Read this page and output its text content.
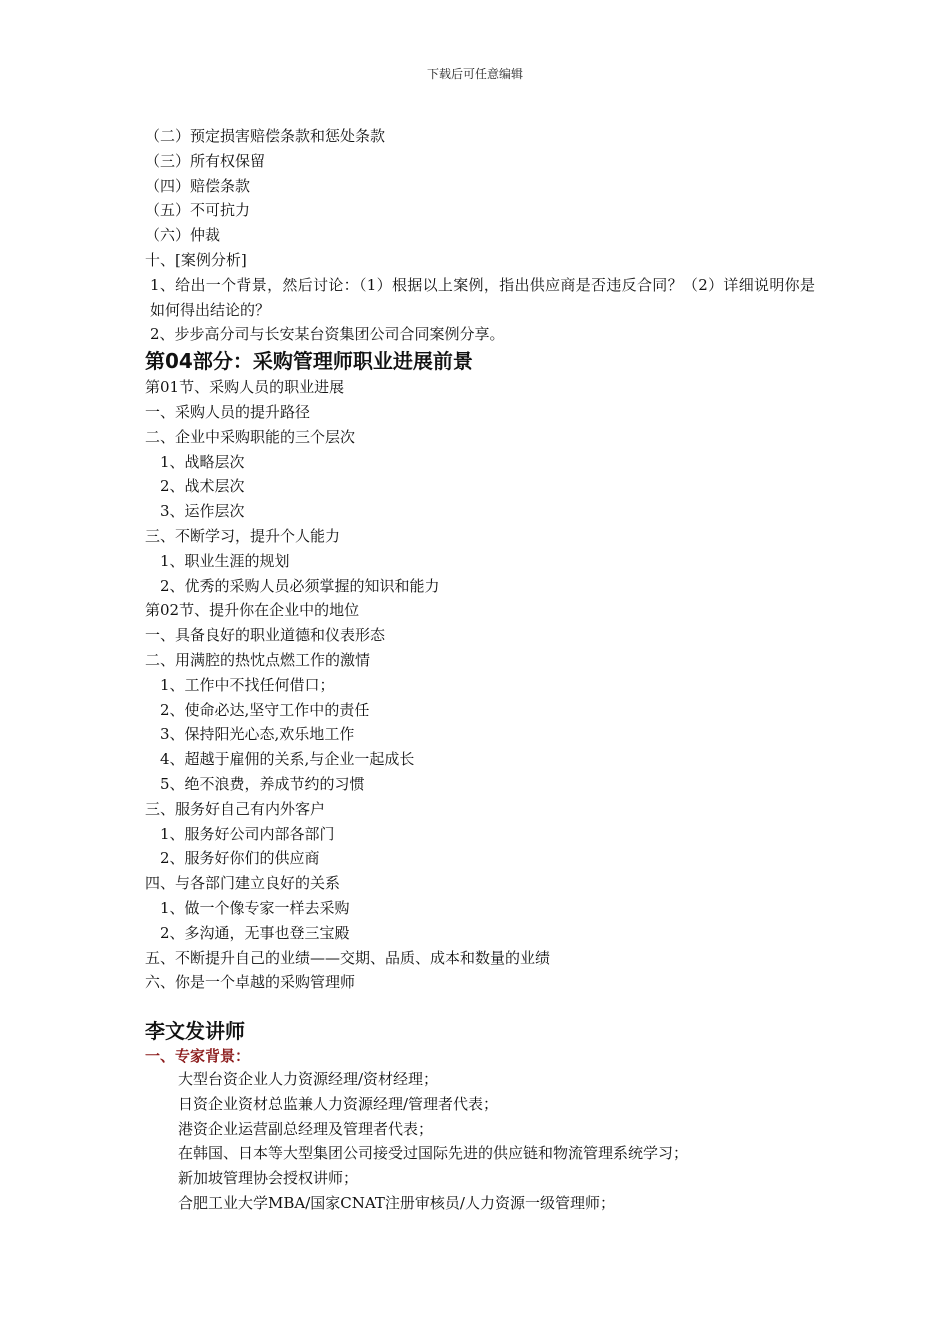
下载后可任意编辑
（二）预定损害赔偿条款和惩处条款
（三）所有权保留
（四）赔偿条款
（五）不可抗力
（六）仲裁
十、[案例分析]
1、给出一个背景，然后讨论：（1）根据以上案例，指出供应商是否违反合同？（2）详细说明你是如何得出结论的？
2、步步高分司与长安某台资集团公司合同案例分享。
第04部分：采购管理师职业进展前景
第01节、采购人员的职业进展
一、采购人员的提升路径
二、企业中采购职能的三个层次
1、战略层次
2、战术层次
3、运作层次
三、不断学习，提升个人能力
1、职业生涯的规划
2、优秀的采购人员必须掌握的知识和能力
第02节、提升你在企业中的地位
一、具备良好的职业道德和仪表形态
二、用满腔的热忱点燃工作的激情
1、工作中不找任何借口；
2、使命必达,坚守工作中的责任
3、保持阳光心态,欢乐地工作
4、超越于雇佣的关系,与企业一起成长
5、绝不浪费，养成节约的习惯
三、服务好自己有内外客户
1、服务好公司内部各部门
2、服务好你们的供应商
四、与各部门建立良好的关系
1、做一个像专家一样去采购
2、多沟通，无事也登三宝殿
五、不断提升自己的业绩——交期、品质、成本和数量的业绩
六、你是一个卓越的采购管理师
李文发讲师
一、专家背景：
大型台资企业人力资源经理/资材经理；
日资企业资材总监兼人力资源经理/管理者代表；
港资企业运营副总经理及管理者代表；
在韩国、日本等大型集团公司接受过国际先进的供应链和物流管理系统学习；
新加坡管理协会授权讲师；
合肥工业大学MBA/国家CNAT注册审核员/人力资源一级管理师；
